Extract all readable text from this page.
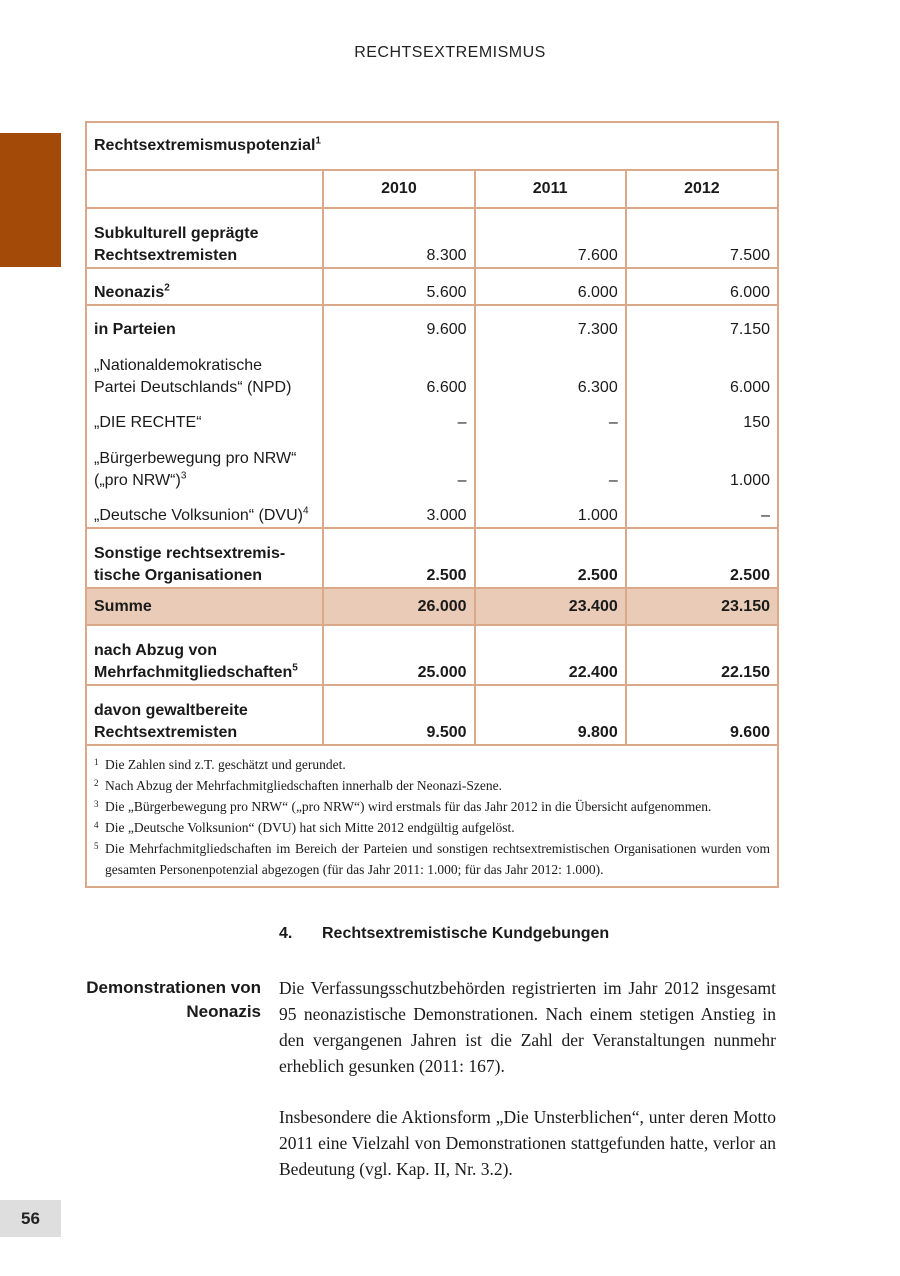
RECHTSEXTREMISMUS
Rechtsextremismuspotenzial$^1$
	2010	2011	2012
Subkulturell geprägte
Rechtsextremisten	8.300	7.600	7.500
Neonazis$^2$	5.600	6.000	6.000
in Parteien	9.600	7.300	7.150
„Nationaldemokratische
Partei Deutschlands“ (NPD)	6.600	6.300	6.000
„DIE RECHTE“	–	–	150
„Bürgerbewegung pro NRW“
(„pro NRW“)$^3$	–	–	1.000
„Deutsche Volksunion“ (DVU)$^4$	3.000	1.000	–
Sonstige rechtsextremis-
tische Organisationen	2.500	2.500	2.500
Summe	26.000	23.400	23.150
nach Abzug von
Mehrfachmitgliedschaften$^5$	25.000	22.400	22.150
davon gewaltbereite
Rechtsextremisten	9.500	9.800	9.600
1 Die Zahlen sind z.T. geschätzt und gerundet.
2 Nach Abzug der Mehrfachmitgliedschaften innerhalb der Neonazi-Szene.
3 Die „Bürgerbewegung pro NRW“ („pro NRW“) wird erstmals für das Jahr 2012 in die Übersicht aufgenommen.
4 Die „Deutsche Volksunion“ (DVU) hat sich Mitte 2012 endgültig aufgelöst.
5 Die Mehrfachmitgliedschaften im Bereich der Parteien und sonstigen rechtsextremistischen Organisationen wurden vom gesamten Personenpotenzial abgezogen (für das Jahr 2011: 1.000; für das Jahr 2012: 1.000).
4. Rechtsextremistische Kundgebungen
Demonstrationen von
Neonazis

Die Verfassungsschutzbehörden registrierten im Jahr 2012 insgesamt 95 neonazistische Demonstrationen. Nach einem stetigen Anstieg in den vergangenen Jahren ist die Zahl der Veranstaltungen nunmehr erheblich gesunken (2011: 167).

Insbesondere die Aktionsform „Die Unsterblichen“, unter deren Motto 2011 eine Vielzahl von Demonstrationen stattgefunden hatte, verlor an Bedeutung (vgl. Kap. II, Nr. 3.2).

56
